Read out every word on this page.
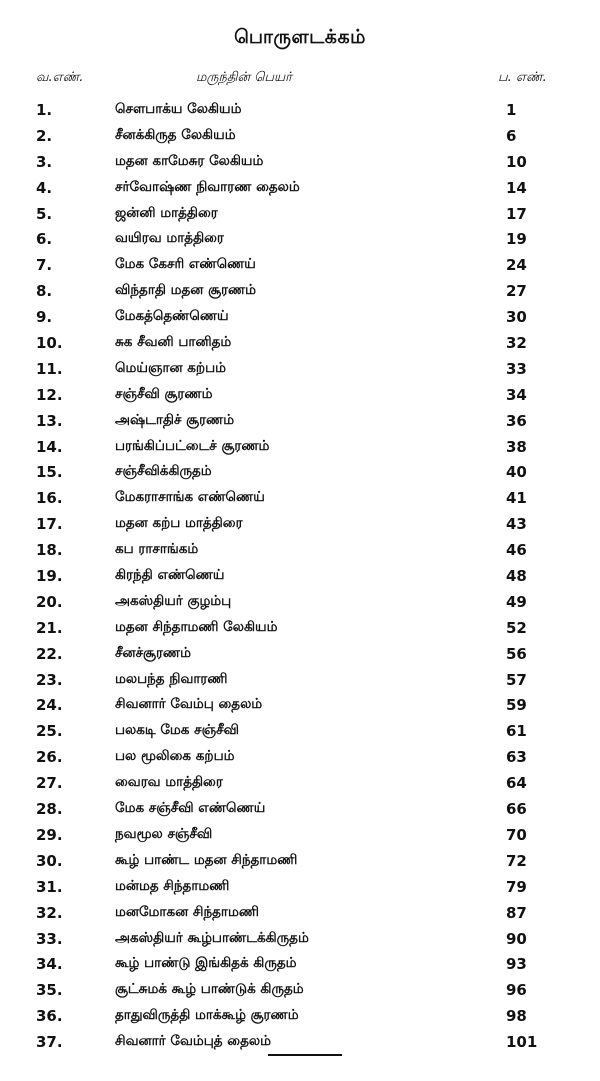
பொருளடக்கம்
வ.எண்.	மருந்தின் பெயர்	ப. எண்.
1.	சௌபாக்ய லேகியம்	1
2.	சீனக்கிருத லேகியம்	6
3.	மதன காமேசுர லேகியம்	10
4.	சர்வோஷ்ண நிவாரண தைலம்	14
5.	ஜன்னி மாத்திரை	17
6.	வயிரவ மாத்திரை	19
7.	மேக கேசரி எண்ணெய்	24
8.	விந்தாதி மதன சூரணம்	27
9.	மேகத்தெண்ணெய்	30
10.	சுக சீவனி பானிதம்	32
11.	மெய்ஞான கற்பம்	33
12.	சஞ்சீவி சூரணம்	34
13.	அஷ்டாதிச் சூரணம்	36
14.	பரங்கிப்பட்டைச் சூரணம்	38
15.	சஞ்சீவிக்கிருதம்	40
16.	மேகராசாங்க எண்ணெய்	41
17.	மதன கற்ப மாத்திரை	43
18.	கப ராசாங்கம்	46
19.	கிரந்தி எண்ணெய்	48
20.	அகஸ்தியர் குழம்பு	49
21.	மதன சிந்தாமணி லேகியம்	52
22.	சீனச்சூரணம்	56
23.	மலபந்த நிவாரணி	57
24.	சிவனார் வேம்பு தைலம்	59
25.	பலகடி மேக சஞ்சீவி	61
26.	பல மூலிகை கற்பம்	63
27.	வைரவ மாத்திரை	64
28.	மேக சஞ்சீவி எண்ணெய்	66
29.	நவமூல சஞ்சீவி	70
30.	கூழ் பாண்ட மதன சிந்தாமணி	72
31.	மன்மத சிந்தாமணி	79
32.	மனமோகன சிந்தாமணி	87
33.	அகஸ்தியர் கூழ்பாண்டக்கிருதம்	90
34.	கூழ் பாண்டு இங்கிதக் கிருதம்	93
35.	சூட்சுமக் கூழ் பாண்டுக் கிருதம்	96
36.	தாதுவிருத்தி மாக்கூழ் சூரணம்	98
37.	சிவனார் வேம்புத் தைலம்	101
